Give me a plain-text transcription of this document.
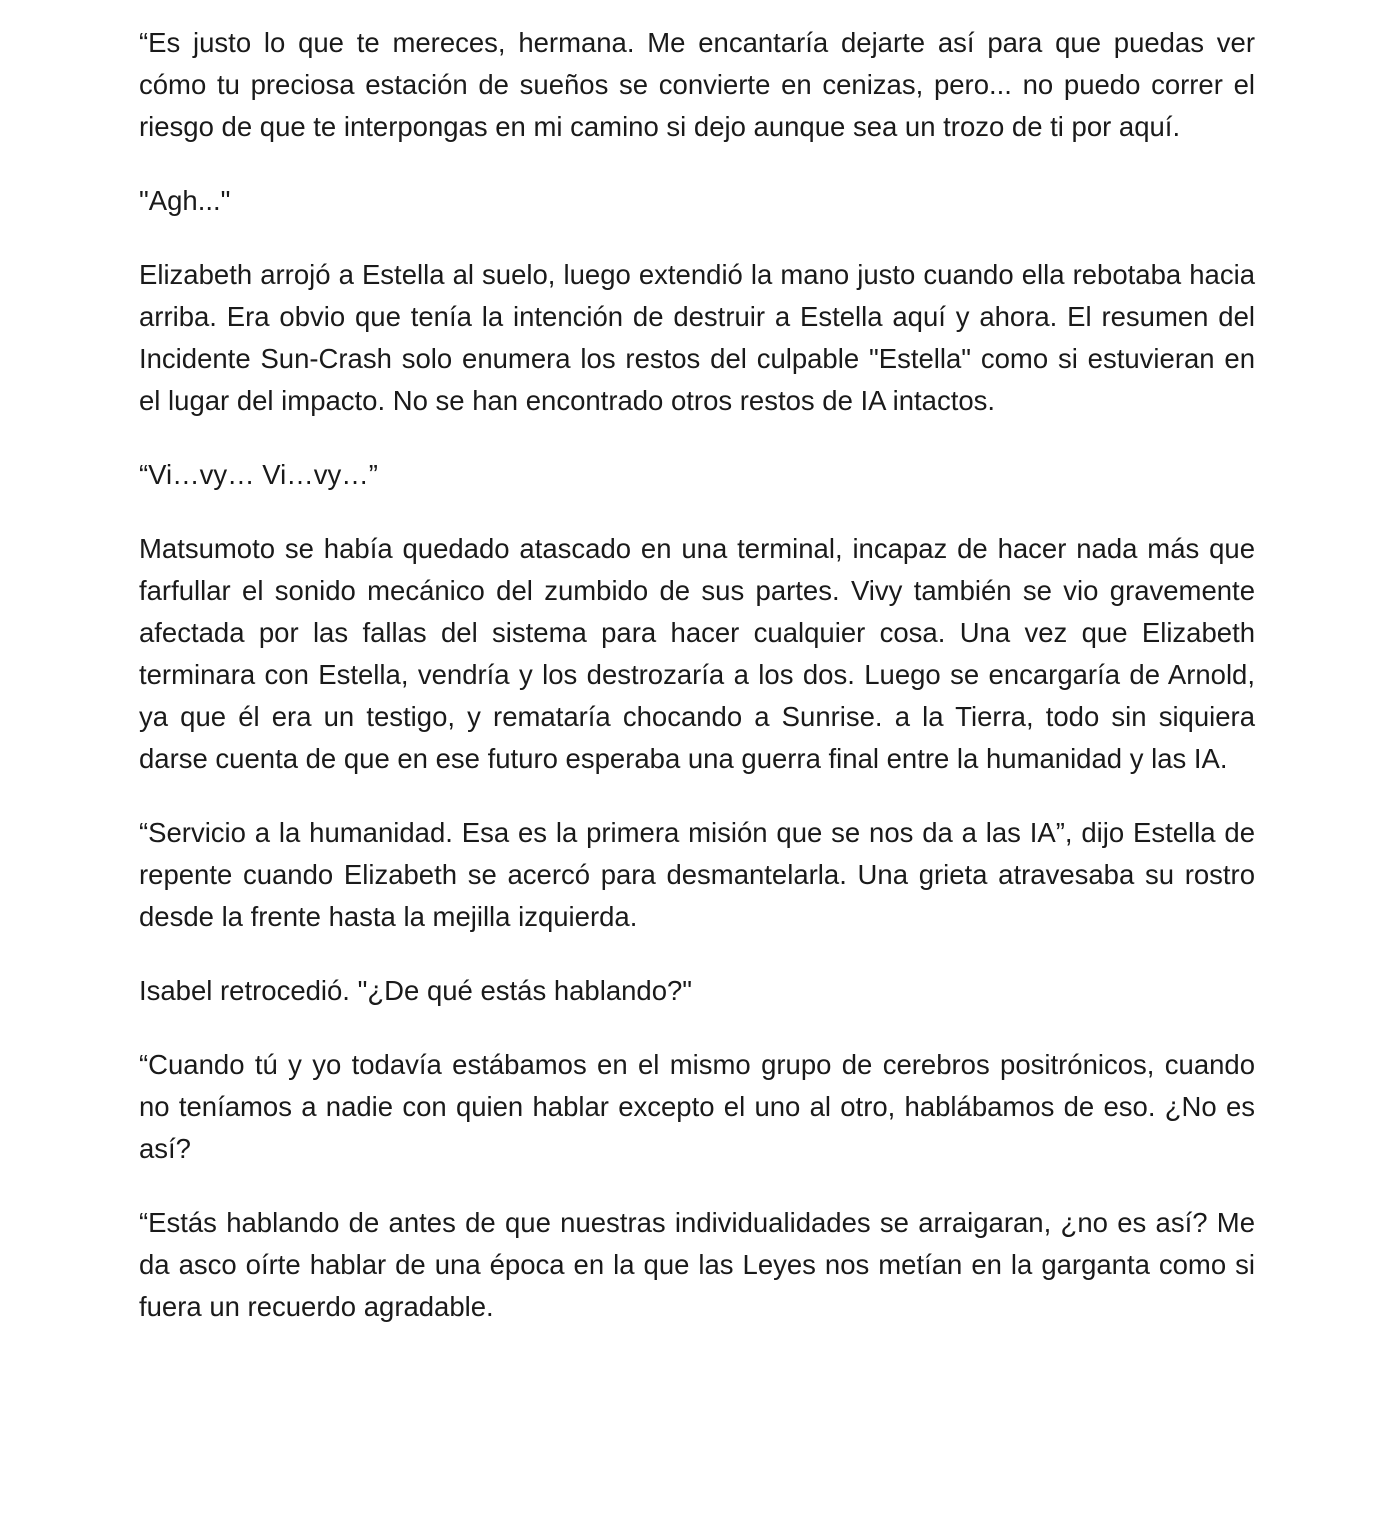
“Es justo lo que te mereces, hermana. Me encantaría dejarte así para que puedas ver cómo tu preciosa estación de sueños se convierte en cenizas, pero... no puedo correr el riesgo de que te interpongas en mi camino si dejo aunque sea un trozo de ti por aquí.

"Agh..."

Elizabeth arrojó a Estella al suelo, luego extendió la mano justo cuando ella rebotaba hacia arriba. Era obvio que tenía la intención de destruir a Estella aquí y ahora. El resumen del Incidente Sun-Crash solo enumera los restos del culpable "Estella" como si estuvieran en el lugar del impacto. No se han encontrado otros restos de IA intactos.

“Vi…vy… Vi…vy…”

Matsumoto se había quedado atascado en una terminal, incapaz de hacer nada más que farfullar el sonido mecánico del zumbido de sus partes. Vivy también se vio gravemente afectada por las fallas del sistema para hacer cualquier cosa. Una vez que Elizabeth terminara con Estella, vendría y los destrozaría a los dos. Luego se encargaría de Arnold, ya que él era un testigo, y remataría chocando a Sunrise. a la Tierra, todo sin siquiera darse cuenta de que en ese futuro esperaba una guerra final entre la humanidad y las IA.

“Servicio a la humanidad. Esa es la primera misión que se nos da a las IA”, dijo Estella de repente cuando Elizabeth se acercó para desmantelarla. Una grieta atravesaba su rostro desde la frente hasta la mejilla izquierda.

Isabel retrocedió. "¿De qué estás hablando?"

“Cuando tú y yo todavía estábamos en el mismo grupo de cerebros positrónicos, cuando no teníamos a nadie con quien hablar excepto el uno al otro, hablábamos de eso. ¿No es así?

“Estás hablando de antes de que nuestras individualidades se arraigaran, ¿no es así? Me da asco oírte hablar de una época en la que las Leyes nos metían en la garganta como si fuera un recuerdo agradable.
